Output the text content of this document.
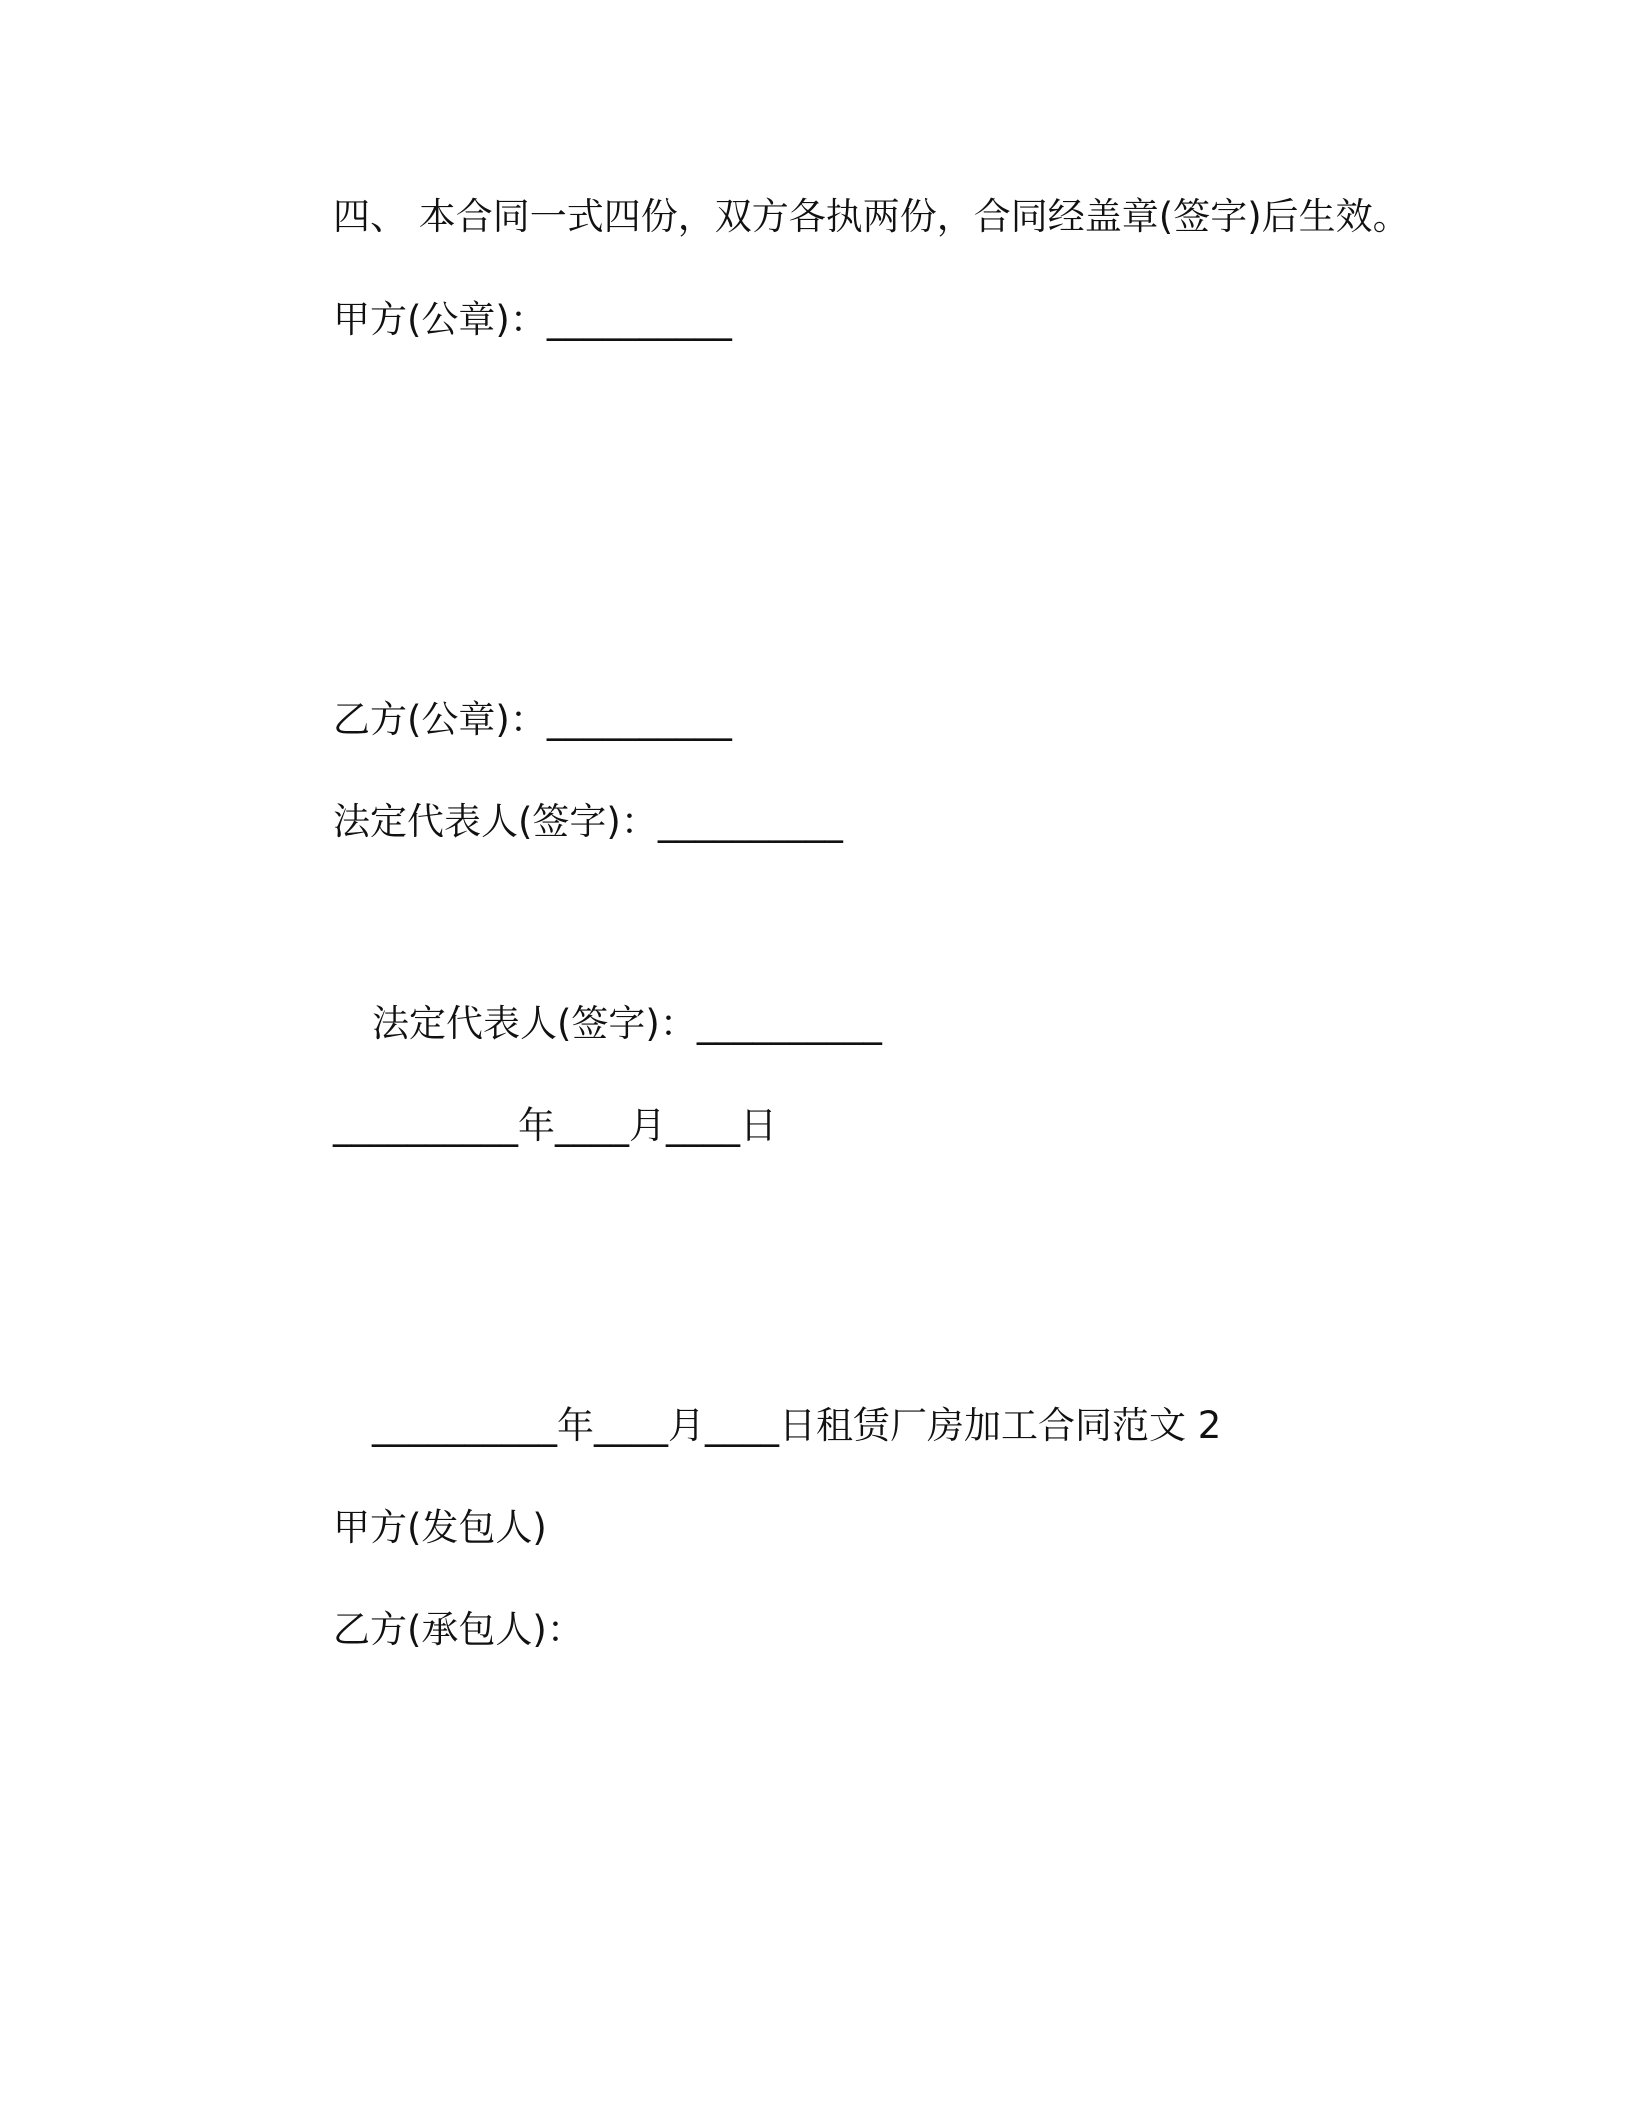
四、 本合同一式四份，双方各执两份，合同经盖章(签字)后生效。
甲方(公章)：__________
乙方(公章)：__________
法定代表人(签字)：__________
法定代表人(签字)：__________
__________年____月____日
__________年____月____日租赁厂房加工合同范文 2
甲方(发包人)
乙方(承包人)：
